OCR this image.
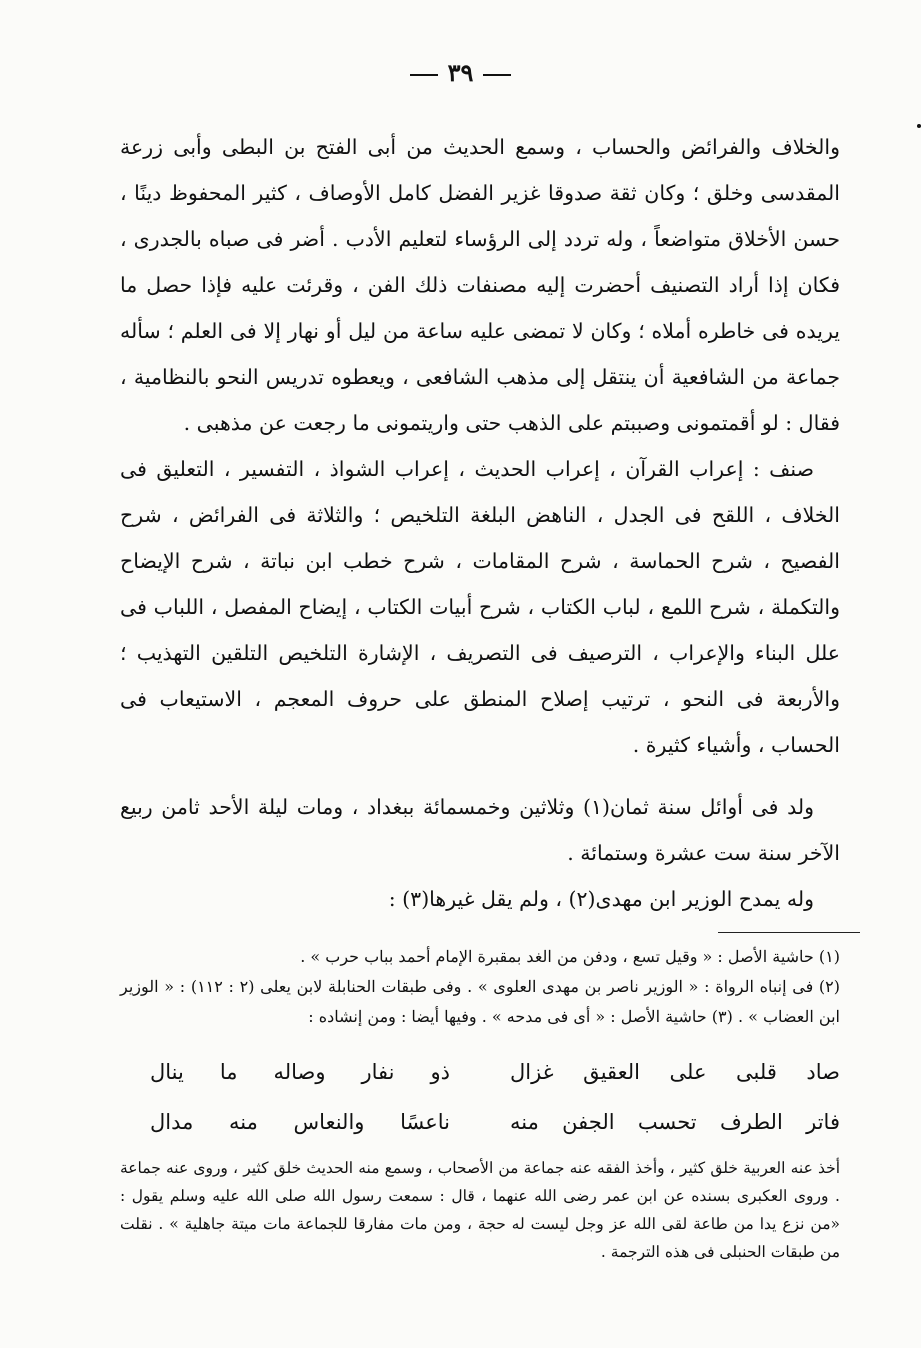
٣٩

والخلاف والفرائض والحساب ، وسمع الحديث من أبى الفتح بن البطى وأبى زرعة المقدسى وخلق ؛ وكان ثقة صدوقا غزير الفضل كامل الأوصاف ، كثير المحفوظ دينًا ، حسن الأخلاق متواضعاً ، وله تردد إلى الرؤساء لتعليم الأدب . أضر فى صباه بالجدرى ، فكان إذا أراد التصنيف أحضرت إليه مصنفات ذلك الفن ، وقرئت عليه فإذا حصل ما يريده فى خاطره أملاه ؛ وكان لا تمضى عليه ساعة من ليل أو نهار إلا فى العلم ؛ سأله جماعة من الشافعية أن ينتقل إلى مذهب الشافعى ، ويعطوه تدريس النحو بالنظامية ، فقال : لو أقمتمونى وصببتم على الذهب حتى واريتمونى ما رجعت عن مذهبى .

صنف : إعراب القرآن ، إعراب الحديث ، إعراب الشواذ ، التفسير ، التعليق فى الخلاف ، اللقح فى الجدل ، الناهض البلغة التلخيص ؛ والثلاثة فى الفرائض ، شرح الفصيح ، شرح الحماسة ، شرح المقامات ، شرح خطب ابن نباتة ، شرح الإيضاح والتكملة ، شرح اللمع ، لباب الكتاب ، شرح أبيات الكتاب ، إيضاح المفصل ، اللباب فى علل البناء والإعراب ، الترصيف فى التصريف ، الإشارة التلخيص التلقين التهذيب ؛ والأربعة فى النحو ، ترتيب إصلاح المنطق على حروف المعجم ، الاستيعاب فى الحساب ، وأشياء كثيرة .

ولد فى أوائل سنة ثمان(١) وثلاثين وخمسمائة ببغداد ، ومات ليلة الأحد ثامن ربيع الآخر سنة ست عشرة وستمائة .

وله يمدح الوزير ابن مهدى(٢) ، ولم يقل غيرها(٣) :

(١) حاشية الأصل : « وقيل تسع ، ودفن من الغد بمقبرة الإمام أحمد بباب حرب » .

(٢) فى إنباه الرواة : « الوزير ناصر بن مهدى العلوى » . وفى طبقات الحنابلة لابن يعلى (٢ : ١١٢) : « الوزير ابن العضاب » . (٣) حاشية الأصل : « أى فى مدحه » . وفيها أيضا : ومن إنشاده :

صاد قلبى على العقيق غزال
ذو نفار وصاله ما ينال
فاتر الطرف تحسب الجفن منه
ناعسًا والنعاس منه مدال

أخذ عنه العربية خلق كثير ، وأخذ الفقه عنه جماعة من الأصحاب ، وسمع منه الحديث خلق كثير ، وروى عنه جماعة . وروى العكبرى بسنده عن ابن عمر رضى الله عنهما ، قال : سمعت رسول الله صلى الله عليه وسلم يقول : «من نزع يدا من طاعة لقى الله عز وجل ليست له حجة ، ومن مات مفارقا للجماعة مات ميتة جاهلية » . نقلت من طبقات الحنبلى فى هذه الترجمة .
